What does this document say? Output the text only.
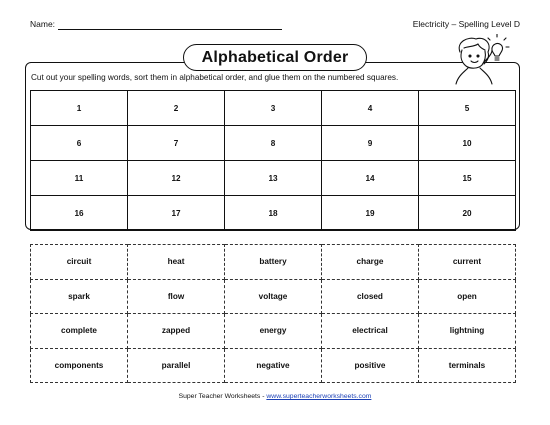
Name:	Electricity – Spelling Level D
Alphabetical Order
Cut out your spelling words, sort them in alphabetical order, and glue them on the numbered squares.
1	2	3	4	5
6	7	8	9	10
11	12	13	14	15
16	17	18	19	20
circuit	heat	battery	charge	current
spark	flow	voltage	closed	open
complete	zapped	energy	electrical	lightning
components	parallel	negative	positive	terminals
Super Teacher Worksheets - www.superteacherworksheets.com
